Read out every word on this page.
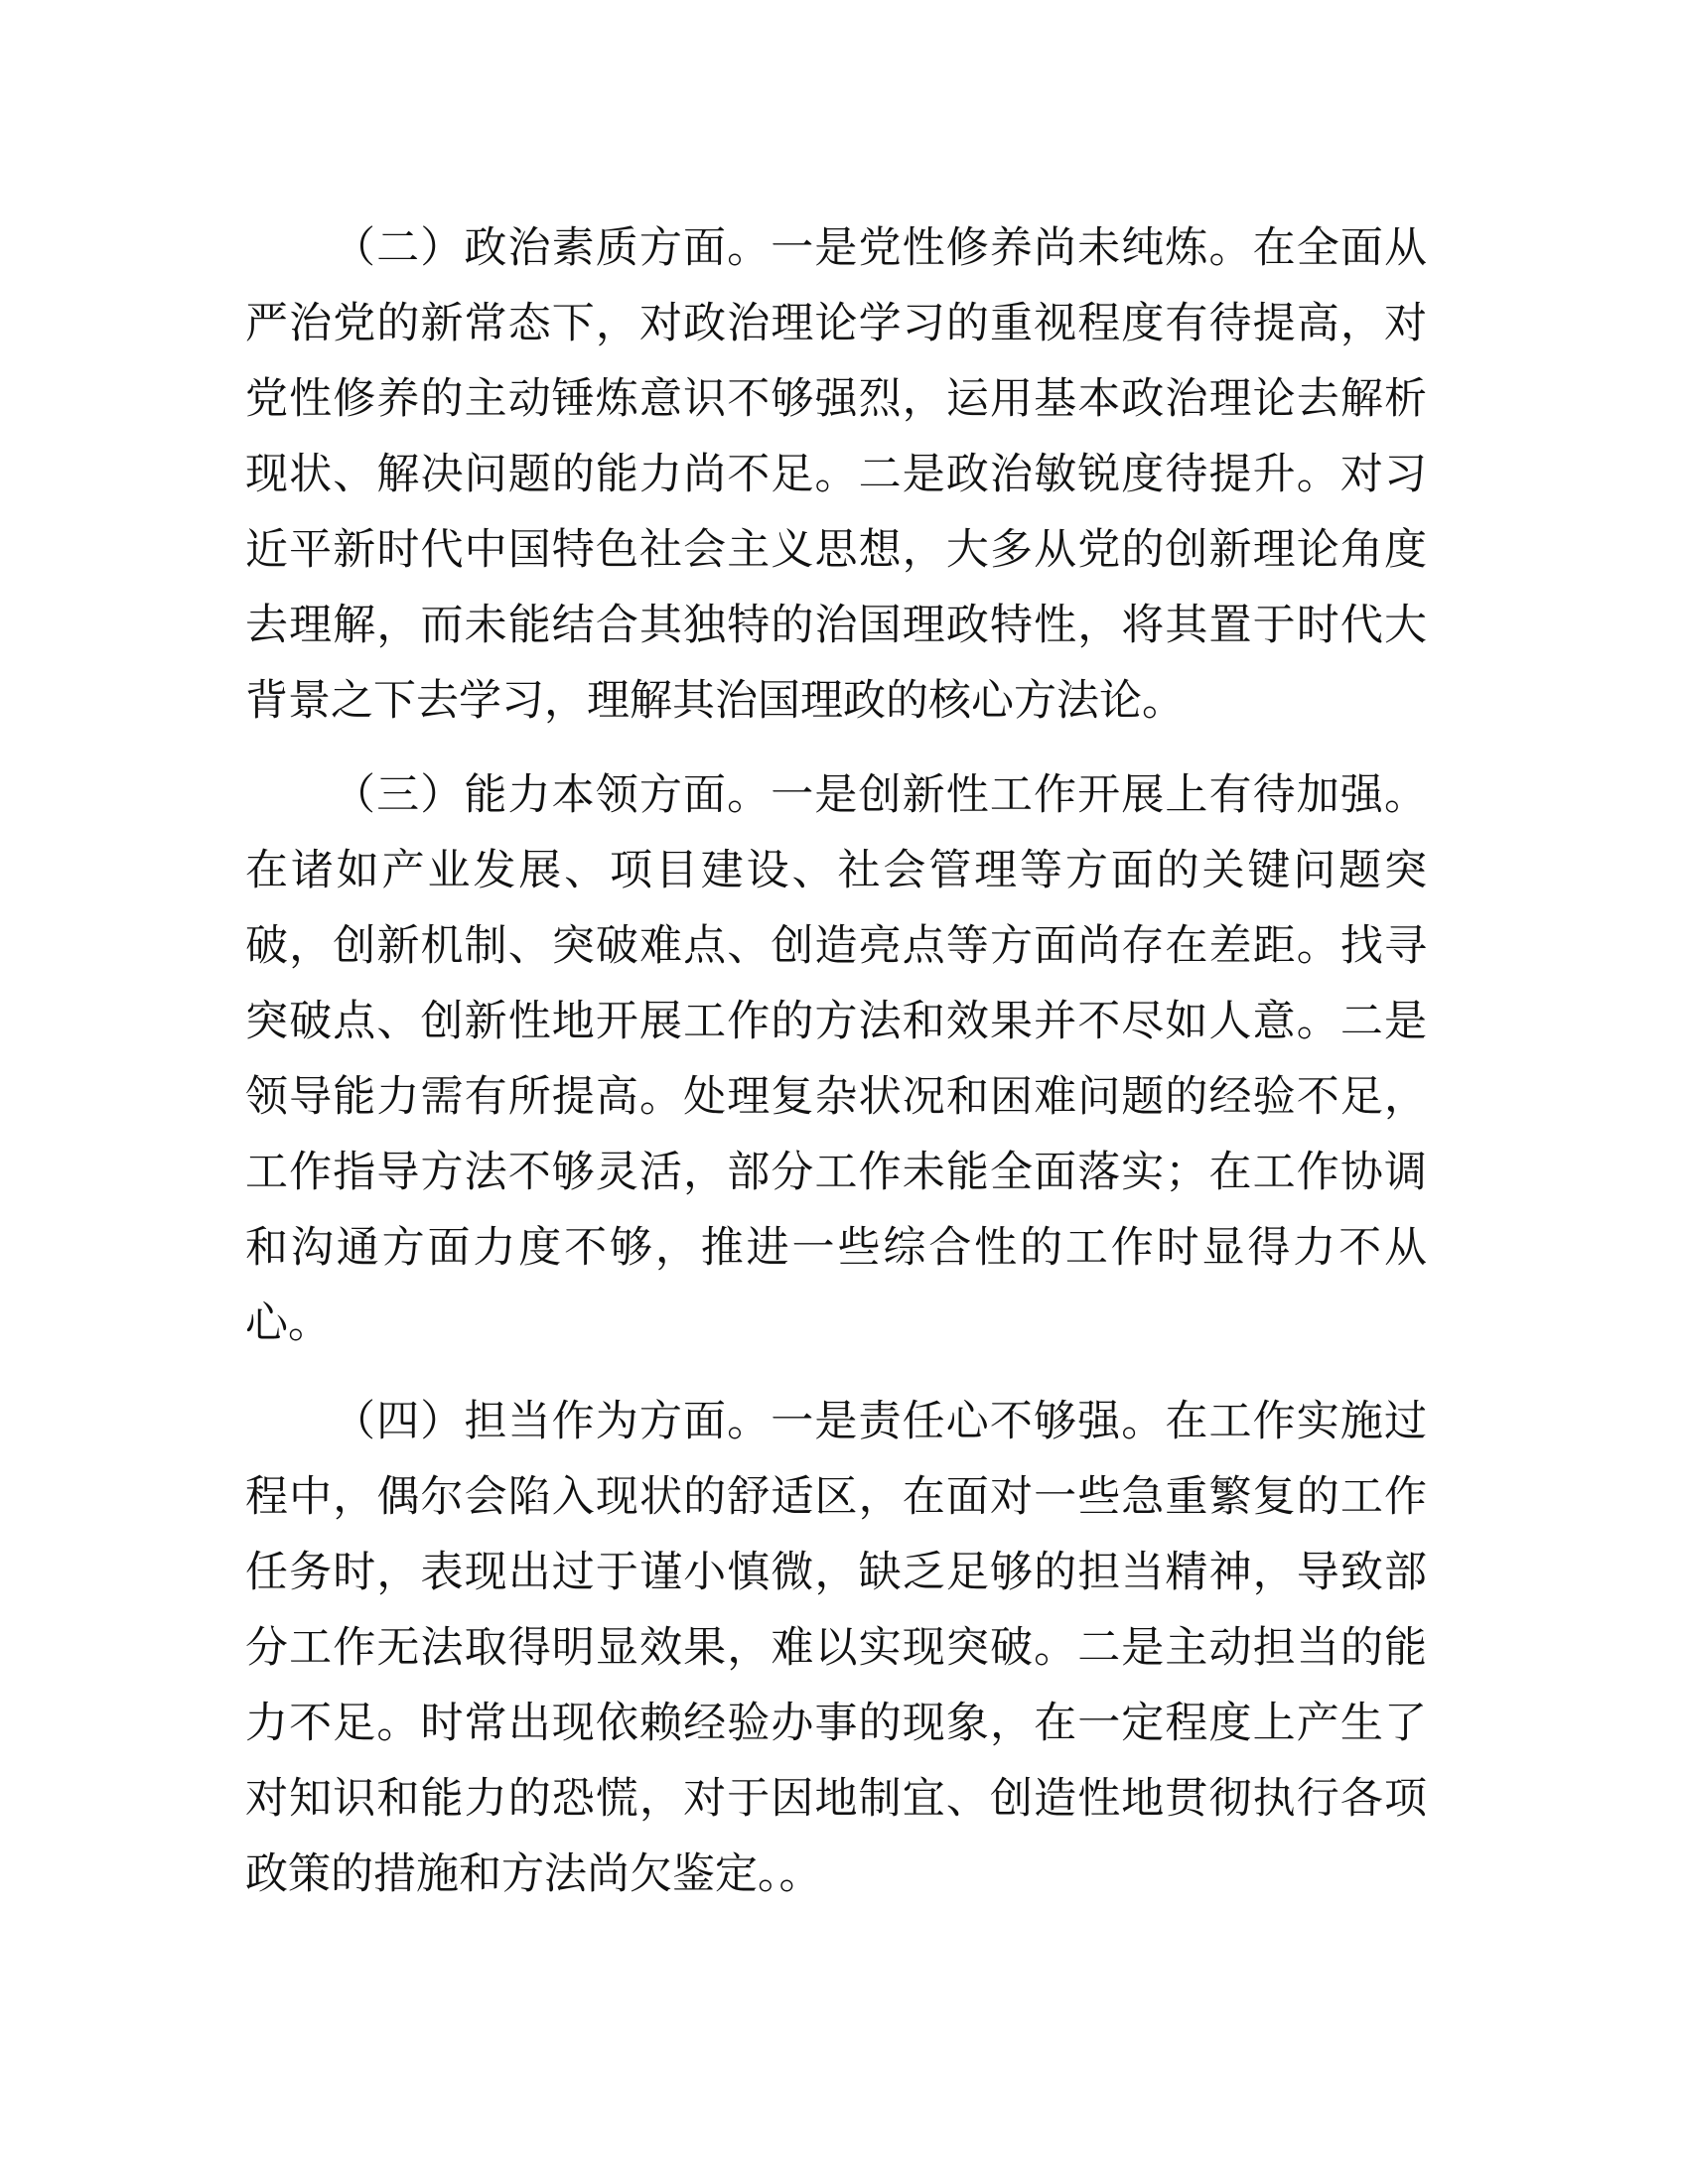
（二）政治素质方面。一是党性修养尚未纯炼。在全面从
严治党的新常态下，对政治理论学习的重视程度有待提高，对
党性修养的主动锤炼意识不够强烈，运用基本政治理论去解析
现状、解决问题的能力尚不足。二是政治敏锐度待提升。对习
近平新时代中国特色社会主义思想，大多从党的创新理论角度
去理解，而未能结合其独特的治国理政特性，将其置于时代大
背景之下去学习，理解其治国理政的核心方法论。
（三）能力本领方面。一是创新性工作开展上有待加强。
在诸如产业发展、项目建设、社会管理等方面的关键问题突
破，创新机制、突破难点、创造亮点等方面尚存在差距。找寻
突破点、创新性地开展工作的方法和效果并不尽如人意。二是
领导能力需有所提高。处理复杂状况和困难问题的经验不足，
工作指导方法不够灵活，部分工作未能全面落实；在工作协调
和沟通方面力度不够，推进一些综合性的工作时显得力不从
心。
（四）担当作为方面。一是责任心不够强。在工作实施过
程中，偶尔会陷入现状的舒适区，在面对一些急重繁复的工作
任务时，表现出过于谨小慎微，缺乏足够的担当精神，导致部
分工作无法取得明显效果，难以实现突破。二是主动担当的能
力不足。时常出现依赖经验办事的现象，在一定程度上产生了
对知识和能力的恐慌，对于因地制宜、创造性地贯彻执行各项
政策的措施和方法尚欠鉴定。。
